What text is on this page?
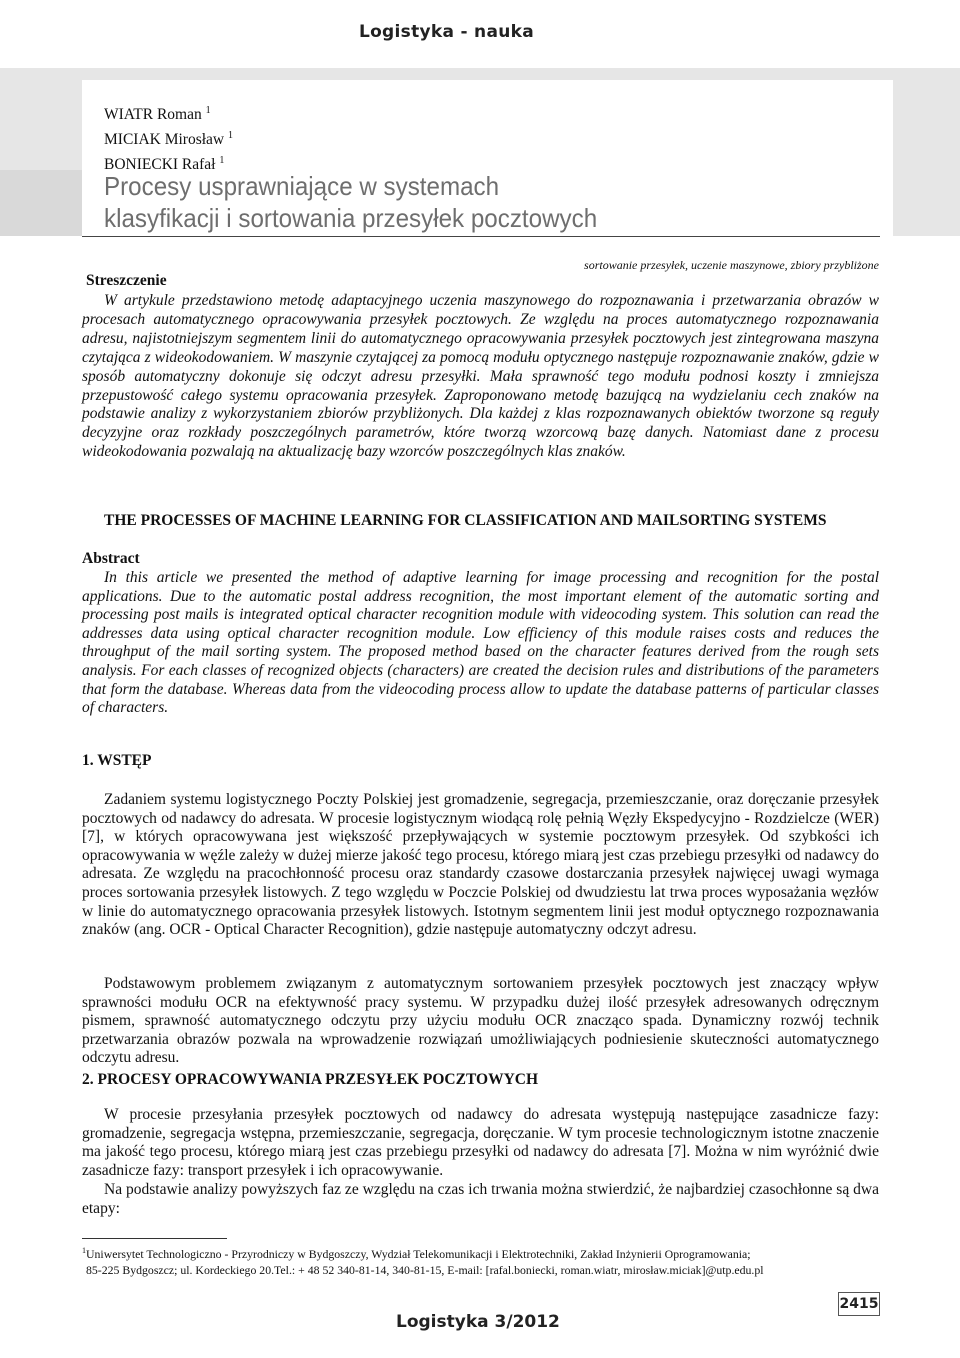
Logistyka - nauka
WIATR Roman $^1$
MICIAK Mirosław $^1$
BONIECKI Rafał $^1$
Procesy usprawniające w systemach
klasyfikacji i sortowania przesyłek pocztowych
sortowanie przesyłek, uczenie maszynowe, zbiory przybliżone
Streszczenie
W artykule przedstawiono metodę adaptacyjnego uczenia maszynowego do rozpoznawania i przetwarzania obrazów w procesach automatycznego opracowywania przesyłek pocztowych. Ze względu na proces automatycznego rozpoznawania adresu, najistotniejszym segmentem linii do automatycznego opracowywania przesyłek pocztowych jest zintegrowana maszyna czytająca z wideokodowaniem. W maszynie czytającej za pomocą modułu optycznego następuje rozpoznawanie znaków, gdzie w sposób automatyczny dokonuje się odczyt adresu przesyłki. Mała sprawność tego modułu podnosi koszty i zmniejsza przepustowość całego systemu opracowania przesyłek. Zaproponowano metodę bazującą na wydzielaniu cech znaków na podstawie analizy z wykorzystaniem zbiorów przybliżonych. Dla każdej z klas rozpoznawanych obiektów tworzone są reguły decyzyjne oraz rozkłady poszczególnych parametrów, które tworzą wzorcową bazę danych. Natomiast dane z procesu wideokodowania pozwalają na aktualizację bazy wzorców poszczególnych klas znaków.
THE PROCESSES OF MACHINE LEARNING FOR CLASSIFICATION AND MAILSORTING SYSTEMS
Abstract
In this article we presented the method of adaptive learning for image processing and recognition for the postal applications. Due to the automatic postal address recognition, the most important element of the automatic sorting and processing post mails is integrated optical character recognition module with videocoding system. This solution can read the addresses data using optical character recognition module. Low efficiency of this module raises costs and reduces the throughput of the mail sorting system. The proposed method based on the character features derived from the rough sets analysis. For each classes of recognized objects (characters) are created the decision rules and distributions of the parameters that form the database. Whereas data from the videocoding process allow to update the database patterns of particular classes of characters.
1. WSTĘP
Zadaniem systemu logistycznego Poczty Polskiej jest gromadzenie, segregacja, przemieszczanie, oraz doręczanie przesyłek pocztowych od nadawcy do adresata. W procesie logistycznym wiodącą rolę pełnią Węzły Ekspedycyjno - Rozdzielcze (WER) [7], w których opracowywana jest większość przepływających w systemie pocztowym przesyłek. Od szybkości ich opracowywania w węźle zależy w dużej mierze jakość tego procesu, którego miarą jest czas przebiegu przesyłki od nadawcy do adresata. Ze względu na pracochłonność procesu oraz standardy czasowe dostarczania przesyłek najwięcej uwagi wymaga proces sortowania przesyłek listowych. Z tego względu w Poczcie Polskiej od dwudziestu lat trwa proces wyposażania węzłów w linie do automatycznego opracowania przesyłek listowych. Istotnym segmentem linii jest moduł optycznego rozpoznawania znaków (ang. OCR - Optical Character Recognition), gdzie następuje automatyczny odczyt adresu.
Podstawowym problemem związanym z automatycznym sortowaniem przesyłek pocztowych jest znaczący wpływ sprawności modułu OCR na efektywność pracy systemu. W przypadku dużej ilość przesyłek adresowanych odręcznym pismem, sprawność automatycznego odczytu przy użyciu modułu OCR znacząco spada. Dynamiczny rozwój technik przetwarzania obrazów pozwala na wprowadzenie rozwiązań umożliwiających podniesienie skuteczności automatycznego odczytu adresu.
2. PROCESY OPRACOWYWANIA PRZESYŁEK POCZTOWYCH
W procesie przesyłania przesyłek pocztowych od nadawcy do adresata występują następujące zasadnicze fazy: gromadzenie, segregacja wstępna, przemieszczanie, segregacja, doręczanie. W tym procesie technologicznym istotne znaczenie ma jakość tego procesu, którego miarą jest czas przebiegu przesyłki od nadawcy do adresata [7]. Można w nim wyróżnić dwie zasadnicze fazy: transport przesyłek i ich opracowywanie.
Na podstawie analizy powyższych faz ze względu na czas ich trwania można stwierdzić, że najbardziej czasochłonne są dwa etapy:
$^1$Uniwersytet Technologiczno - Przyrodniczy w Bydgoszczy, Wydział Telekomunikacji i Elektrotechniki, Zakład Inżynierii Oprogramowania;
85-225 Bydgoszcz; ul. Kordeckiego 20.Tel.: + 48 52 340-81-14, 340-81-15, E-mail: [rafal.boniecki, roman.wiatr, mirosław.miciak]@utp.edu.pl
2415
Logistyka 3/2012
